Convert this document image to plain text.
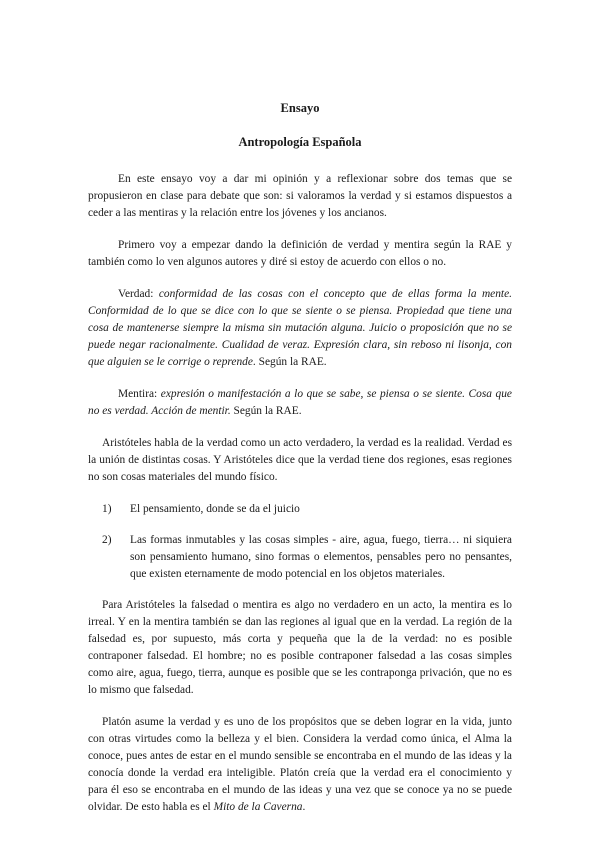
Ensayo
Antropología Española

En este ensayo voy a dar mi opinión y a reflexionar sobre dos temas que se propusieron en clase para debate que son: si valoramos la verdad y si estamos dispuestos a ceder a las mentiras y la relación entre los jóvenes y los ancianos.

Primero voy a empezar dando la definición de verdad y mentira según la RAE y también como lo ven algunos autores y diré si estoy de acuerdo con ellos o no.

Verdad: conformidad de las cosas con el concepto que de ellas forma la mente. Conformidad de lo que se dice con lo que se siente o se piensa. Propiedad que tiene una cosa de mantenerse siempre la misma sin mutación alguna. Juicio o proposición que no se puede negar racionalmente. Cualidad de veraz. Expresión clara, sin reboso ni lisonja, con que alguien se le corrige o reprende. Según la RAE.

Mentira: expresión o manifestación a lo que se sabe, se piensa o se siente. Cosa que no es verdad. Acción de mentir. Según la RAE.

Aristóteles habla de la verdad como un acto verdadero, la verdad es la realidad. Verdad es la unión de distintas cosas. Y Aristóteles dice que la verdad tiene dos regiones, esas regiones no son cosas materiales del mundo físico.

1)	El pensamiento, donde se da el juicio
2)	Las formas inmutables y las cosas simples - aire, agua, fuego, tierra… ni siquiera son pensamiento humano, sino formas o elementos, pensables pero no pensantes, que existen eternamente de modo potencial en los objetos materiales.

Para Aristóteles la falsedad o mentira es algo no verdadero en un acto, la mentira es lo irreal. Y en la mentira también se dan las regiones al igual que en la verdad. La región de la falsedad es, por supuesto, más corta y pequeña que la de la verdad: no es posible contraponer falsedad. El hombre; no es posible contraponer falsedad a las cosas simples como aire, agua, fuego, tierra, aunque es posible que se les contraponga privación, que no es lo mismo que falsedad.

Platón asume la verdad y es uno de los propósitos que se deben lograr en la vida, junto con otras virtudes como la belleza y el bien. Considera la verdad como única, el Alma la conoce, pues antes de estar en el mundo sensible se encontraba en el mundo de las ideas y la conocía donde la verdad era inteligible. Platón creía que la verdad era el conocimiento y para él eso se encontraba en el mundo de las ideas y una vez que se conoce ya no se puede olvidar. De esto habla es el Mito de la Caverna.
